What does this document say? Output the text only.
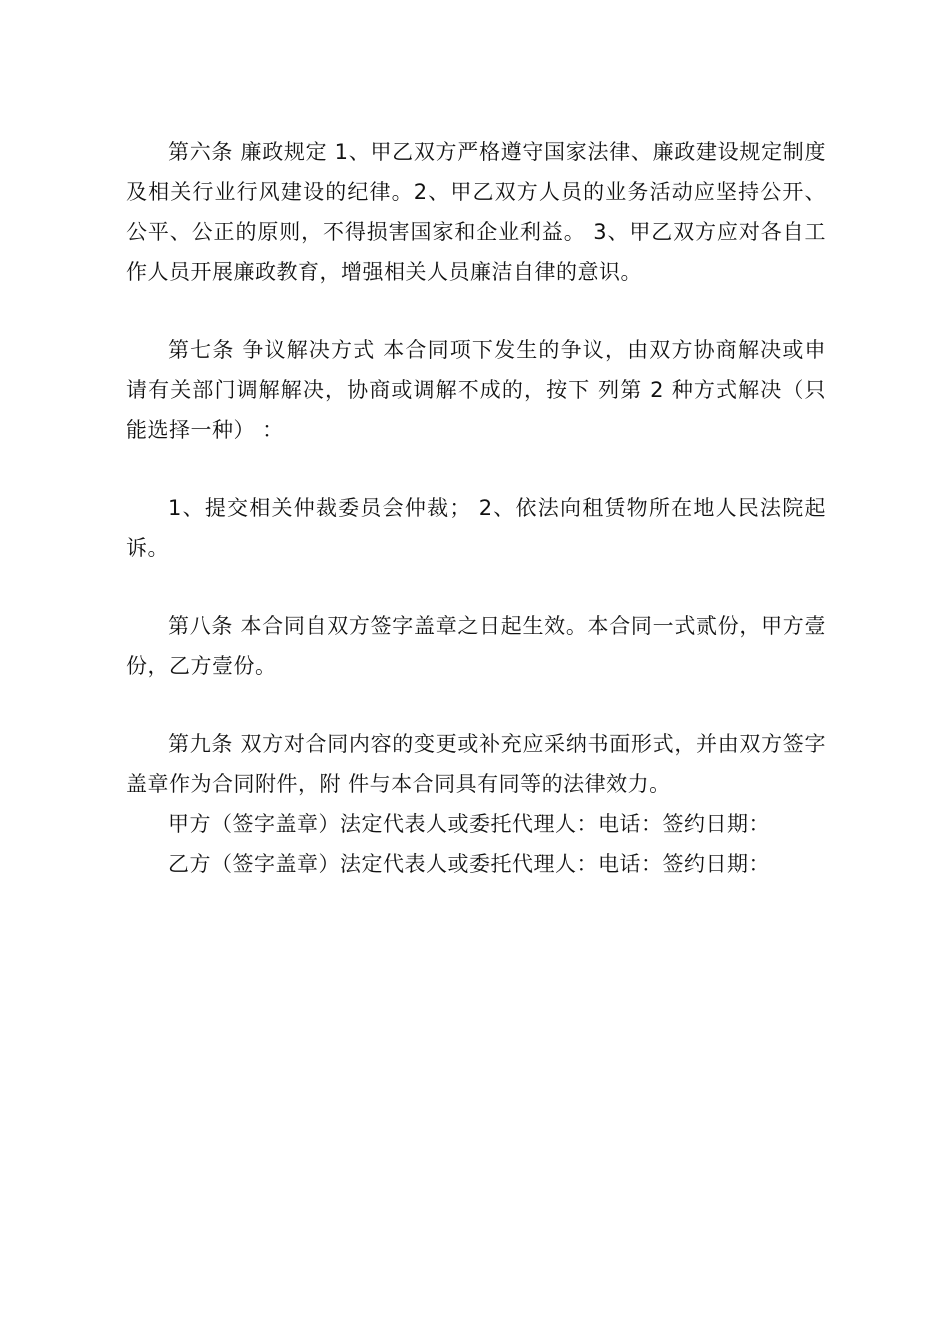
第六条 廉政规定 1、甲乙双方严格遵守国家法律、廉政建设规定制度及相关行业行风建设的纪律。2、甲乙双方人员的业务活动应坚持公开、公平、公正的原则，不得损害国家和企业利益。 3、甲乙双方应对各自工作人员开展廉政教育，增强相关人员廉洁自律的意识。

第七条 争议解决方式 本合同项下发生的争议，由双方协商解决或申请有关部门调解解决，协商或调解不成的，按下 列第 2 种方式解决（只能选择一种） ：

1、提交相关仲裁委员会仲裁； 2、依法向租赁物所在地人民法院起诉。

第八条 本合同自双方签字盖章之日起生效。本合同一式贰份，甲方壹份，乙方壹份。

第九条 双方对合同内容的变更或补充应采纳书面形式，并由双方签字盖章作为合同附件，附 件与本合同具有同等的法律效力。

甲方（签字盖章）法定代表人或委托代理人：电话：签约日期：

乙方（签字盖章）法定代表人或委托代理人：电话：签约日期：
